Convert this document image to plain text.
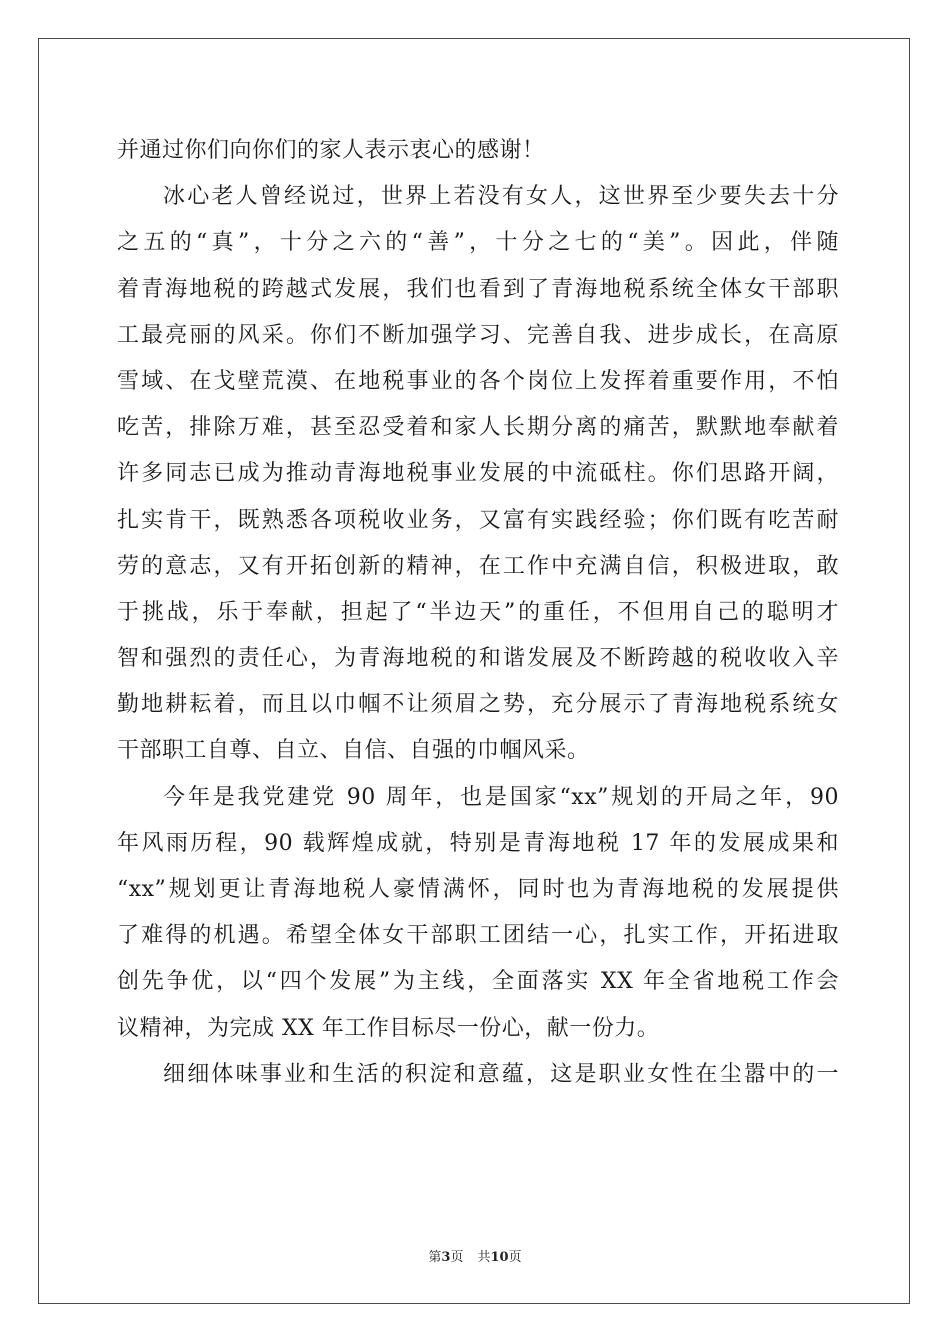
并通过你们向你们的家人表示衷心的感谢！
冰心老人曾经说过，世界上若没有女人，这世界至少要失去十分
之五的“真”，十分之六的“善”，十分之七的“美”。因此，伴随
着青海地税的跨越式发展，我们也看到了青海地税系统全体女干部职
工最亮丽的风采。你们不断加强学习、完善自我、进步成长，在高原
雪域、在戈壁荒漠、在地税事业的各个岗位上发挥着重要作用，不怕
吃苦，排除万难，甚至忍受着和家人长期分离的痛苦，默默地奉献着
许多同志已成为推动青海地税事业发展的中流砥柱。你们思路开阔，
扎实肯干，既熟悉各项税收业务，又富有实践经验；你们既有吃苦耐
劳的意志，又有开拓创新的精神，在工作中充满自信，积极进取，敢
于挑战，乐于奉献，担起了“半边天”的重任，不但用自己的聪明才
智和强烈的责任心，为青海地税的和谐发展及不断跨越的税收收入辛
勤地耕耘着，而且以巾帼不让须眉之势，充分展示了青海地税系统女
干部职工自尊、自立、自信、自强的巾帼风采。
今年是我党建党 90 周年，也是国家“xx”规划的开局之年，90
年风雨历程，90 载辉煌成就，特别是青海地税 17 年的发展成果和
“xx”规划更让青海地税人豪情满怀，同时也为青海地税的发展提供
了难得的机遇。希望全体女干部职工团结一心，扎实工作，开拓进取
创先争优，以“四个发展”为主线，全面落实 XX 年全省地税工作会
议精神，为完成 XX 年工作目标尽一份心，献一份力。
细细体味事业和生活的积淀和意蕴，这是职业女性在尘嚣中的一
第3页 共10页
